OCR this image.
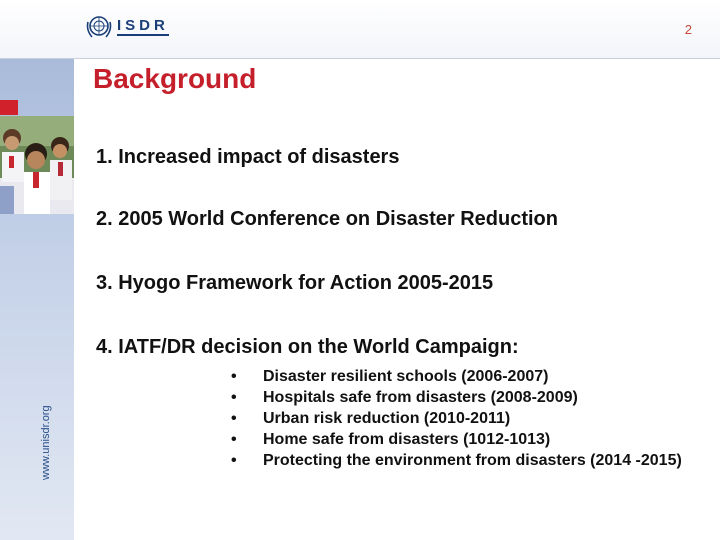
ISDR	2
www.unisdr.org
Background

1. Increased impact of disasters

2. 2005 World Conference on Disaster Reduction

3. Hyogo Framework for Action 2005-2015

4. IATF/DR decision on the World Campaign:

• Disaster resilient schools (2006-2007)
• Hospitals safe from disasters (2008-2009)
• Urban risk reduction (2010-2011)
• Home safe from disasters (1012-1013)
• Protecting the environment from disasters (2014 -2015)
